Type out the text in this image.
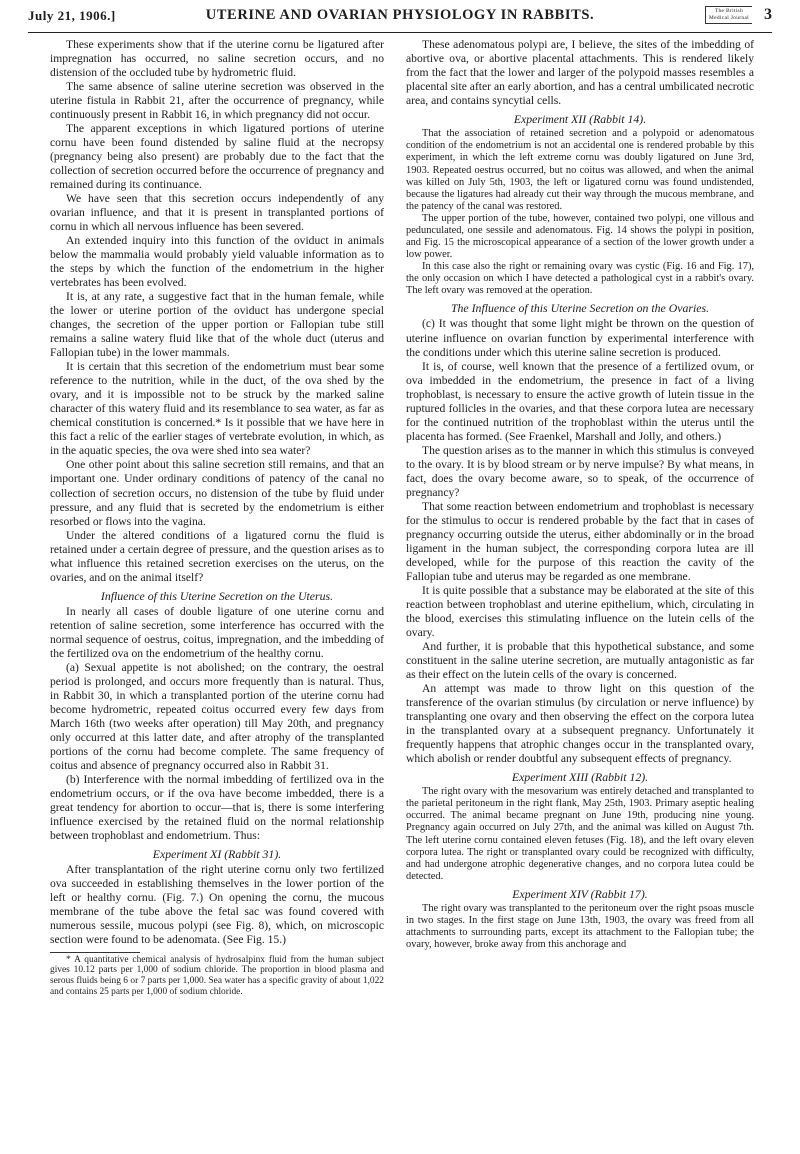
July 21, 1906.]	UTERINE AND OVARIAN PHYSIOLOGY IN RABBITS.	The British
Medical Journal 3

These experiments show that if the uterine cornu be ligatured after impregnation has occurred, no saline secretion occurs, and no distension of the occluded tube by hydrometric fluid.

The same absence of saline uterine secretion was observed in the uterine fistula in Rabbit 21, after the occurrence of pregnancy, while continuously present in Rabbit 16, in which pregnancy did not occur.

The apparent exceptions in which ligatured portions of uterine cornu have been found distended by saline fluid at the necropsy (pregnancy being also present) are probably due to the fact that the collection of secretion occurred before the occurrence of pregnancy and remained during its continuance.

We have seen that this secretion occurs independently of any ovarian influence, and that it is present in transplanted portions of cornu in which all nervous influence has been severed.

An extended inquiry into this function of the oviduct in animals below the mammalia would probably yield valuable information as to the steps by which the function of the endometrium in the higher vertebrates has been evolved.

It is, at any rate, a suggestive fact that in the human female, while the lower or uterine portion of the oviduct has undergone special changes, the secretion of the upper portion or Fallopian tube still remains a saline watery fluid like that of the whole duct (uterus and Fallopian tube) in the lower mammals.

It is certain that this secretion of the endometrium must bear some reference to the nutrition, while in the duct, of the ova shed by the ovary, and it is impossible not to be struck by the marked saline character of this watery fluid and its resemblance to sea water, as far as chemical constitution is concerned.* Is it possible that we have here in this fact a relic of the earlier stages of vertebrate evolution, in which, as in the aquatic species, the ova were shed into sea water?

One other point about this saline secretion still remains, and that an important one. Under ordinary conditions of patency of the canal no collection of secretion occurs, no distension of the tube by fluid under pressure, and any fluid that is secreted by the endometrium is either resorbed or flows into the vagina.

Under the altered conditions of a ligatured cornu the fluid is retained under a certain degree of pressure, and the question arises as to what influence this retained secretion exercises on the uterus, on the ovaries, and on the animal itself?

Influence of this Uterine Secretion on the Uterus.

In nearly all cases of double ligature of one uterine cornu and retention of saline secretion, some interference has occurred with the normal sequence of oestrus, coitus, impregnation, and the imbedding of the fertilized ova on the endometrium of the healthy cornu.

(a) Sexual appetite is not abolished; on the contrary, the oestral period is prolonged, and occurs more frequently than is natural. Thus, in Rabbit 30, in which a transplanted portion of the uterine cornu had become hydrometric, repeated coitus occurred every few days from March 16th (two weeks after operation) till May 20th, and pregnancy only occurred at this latter date, and after atrophy of the transplanted portions of the cornu had become complete. The same frequency of coitus and absence of pregnancy occurred also in Rabbit 31.

(b) Interference with the normal imbedding of fertilized ova in the endometrium occurs, or if the ova have become imbedded, there is a great tendency for abortion to occur—that is, there is some interfering influence exercised by the retained fluid on the normal relationship between trophoblast and endometrium. Thus:

Experiment XI (Rabbit 31).

After transplantation of the right uterine cornu only two fertilized ova succeeded in establishing themselves in the lower portion of the left or healthy cornu. (Fig. 7.) On opening the cornu, the mucous membrane of the tube above the fetal sac was found covered with numerous sessile, mucous polypi (see Fig. 8), which, on microscopic section were found to be adenomata. (See Fig. 15.)

* A quantitative chemical analysis of hydrosalpinx fluid from the human subject gives 10.12 parts per 1,000 of sodium chloride. The proportion in blood plasma and serous fluids being 6 or 7 parts per 1,000. Sea water has a specific gravity of about 1,022 and contains 25 parts per 1,000 of sodium chloride.

These adenomatous polypi are, I believe, the sites of the imbedding of abortive ova, or abortive placental attachments. This is rendered likely from the fact that the lower and larger of the polypoid masses resembles a placental site after an early abortion, and has a central umbilicated necrotic area, and contains syncytial cells.

Experiment XII (Rabbit 14).

That the association of retained secretion and a polypoid or adenomatous condition of the endometrium is not an accidental one is rendered probable by this experiment, in which the left extreme cornu was doubly ligatured on June 3rd, 1903. Repeated oestrus occurred, but no coitus was allowed, and when the animal was killed on July 5th, 1903, the left or ligatured cornu was found undistended, because the ligatures had already cut their way through the mucous membrane, and the patency of the canal was restored.

The upper portion of the tube, however, contained two polypi, one villous and pedunculated, one sessile and adenomatous. Fig. 14 shows the polypi in position, and Fig. 15 the microscopical appearance of a section of the lower growth under a low power.

In this case also the right or remaining ovary was cystic (Fig. 16 and Fig. 17), the only occasion on which I have detected a pathological cyst in a rabbit's ovary. The left ovary was removed at the operation.

The Influence of this Uterine Secretion on the Ovaries.

(c) It was thought that some light might be thrown on the question of uterine influence on ovarian function by experimental interference with the conditions under which this uterine saline secretion is produced.

It is, of course, well known that the presence of a fertilized ovum, or ova imbedded in the endometrium, the presence in fact of a living trophoblast, is necessary to ensure the active growth of lutein tissue in the ruptured follicles in the ovaries, and that these corpora lutea are necessary for the continued nutrition of the trophoblast within the uterus until the placenta has formed. (See Fraenkel, Marshall and Jolly, and others.)

The question arises as to the manner in which this stimulus is conveyed to the ovary. It is by blood stream or by nerve impulse? By what means, in fact, does the ovary become aware, so to speak, of the occurrence of pregnancy?

That some reaction between endometrium and trophoblast is necessary for the stimulus to occur is rendered probable by the fact that in cases of pregnancy occurring outside the uterus, either abdominally or in the broad ligament in the human subject, the corresponding corpora lutea are ill developed, while for the purpose of this reaction the cavity of the Fallopian tube and uterus may be regarded as one membrane.

It is quite possible that a substance may be elaborated at the site of this reaction between trophoblast and uterine epithelium, which, circulating in the blood, exercises this stimulating influence on the lutein cells of the ovary.

And further, it is probable that this hypothetical substance, and some constituent in the saline uterine secretion, are mutually antagonistic as far as their effect on the lutein cells of the ovary is concerned.

An attempt was made to throw light on this question of the transference of the ovarian stimulus (by circulation or nerve influence) by transplanting one ovary and then observing the effect on the corpora lutea in the transplanted ovary at a subsequent pregnancy. Unfortunately it frequently happens that atrophic changes occur in the transplanted ovary, which abolish or render doubtful any subsequent effects of pregnancy.

Experiment XIII (Rabbit 12).

The right ovary with the mesovarium was entirely detached and transplanted to the parietal peritoneum in the right flank, May 25th, 1903. Primary aseptic healing occurred. The animal became pregnant on June 19th, producing nine young. Pregnancy again occurred on July 27th, and the animal was killed on August 7th. The left uterine cornu contained eleven fetuses (Fig. 18), and the left ovary eleven corpora lutea. The right or transplanted ovary could be recognized with difficulty, and had undergone atrophic degenerative changes, and no corpora lutea could be detected.

Experiment XIV (Rabbit 17).

The right ovary was transplanted to the peritoneum over the right psoas muscle in two stages. In the first stage on June 13th, 1903, the ovary was freed from all attachments to surrounding parts, except its attachment to the Fallopian tube; the ovary, however, broke away from this anchorage and
